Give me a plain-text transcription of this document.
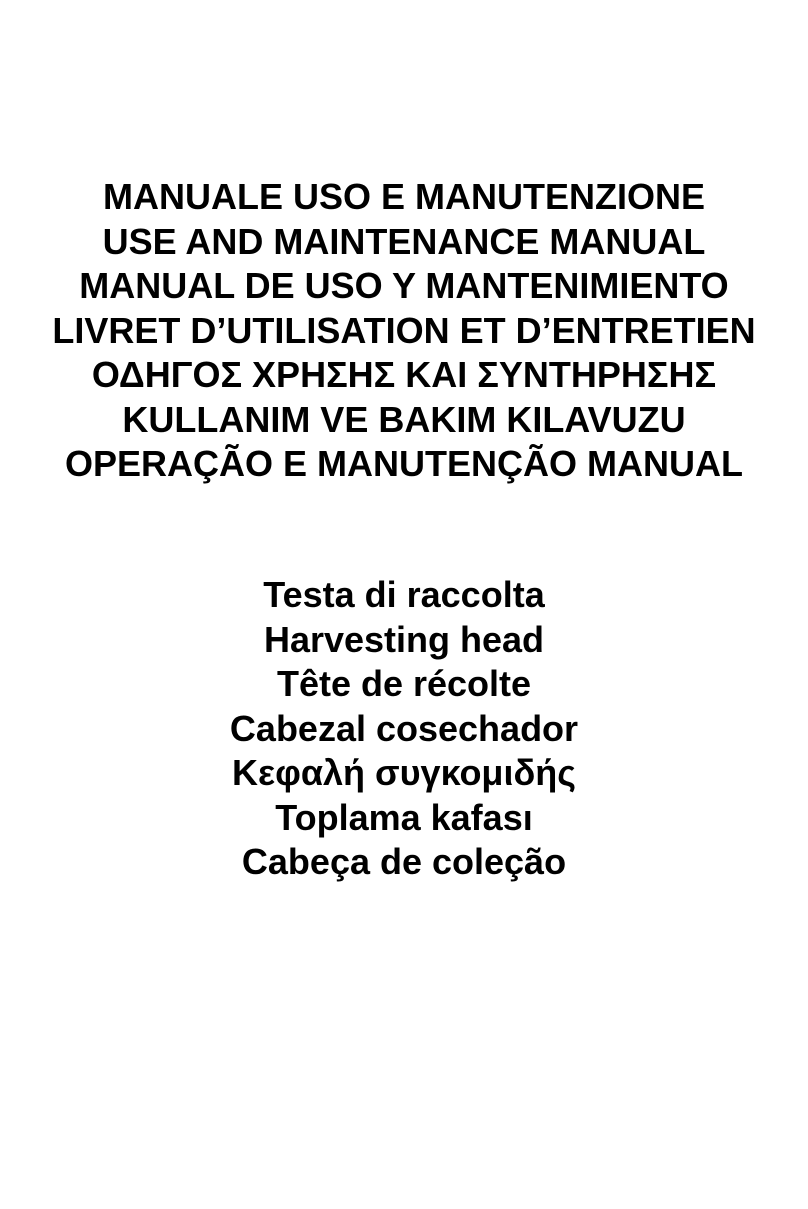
MANUALE USO E MANUTENZIONE
USE AND MAINTENANCE MANUAL
MANUAL DE USO Y MANTENIMIENTO
LIVRET D’UTILISATION ET D’ENTRETIEN
ΟΔΗΓΟΣ ΧΡΗΣΗΣ ΚΑΙ ΣΥΝΤΗΡΗΣΗΣ
KULLANIM VE BAKIM KILAVUZU
OPERAÇÃO E MANUTENÇÃO MANUAL
Testa di raccolta
Harvesting head
Tête de récolte
Cabezal cosechador
Κεφαλή συγκομιδής
Toplama kafası
Cabeça de coleção
